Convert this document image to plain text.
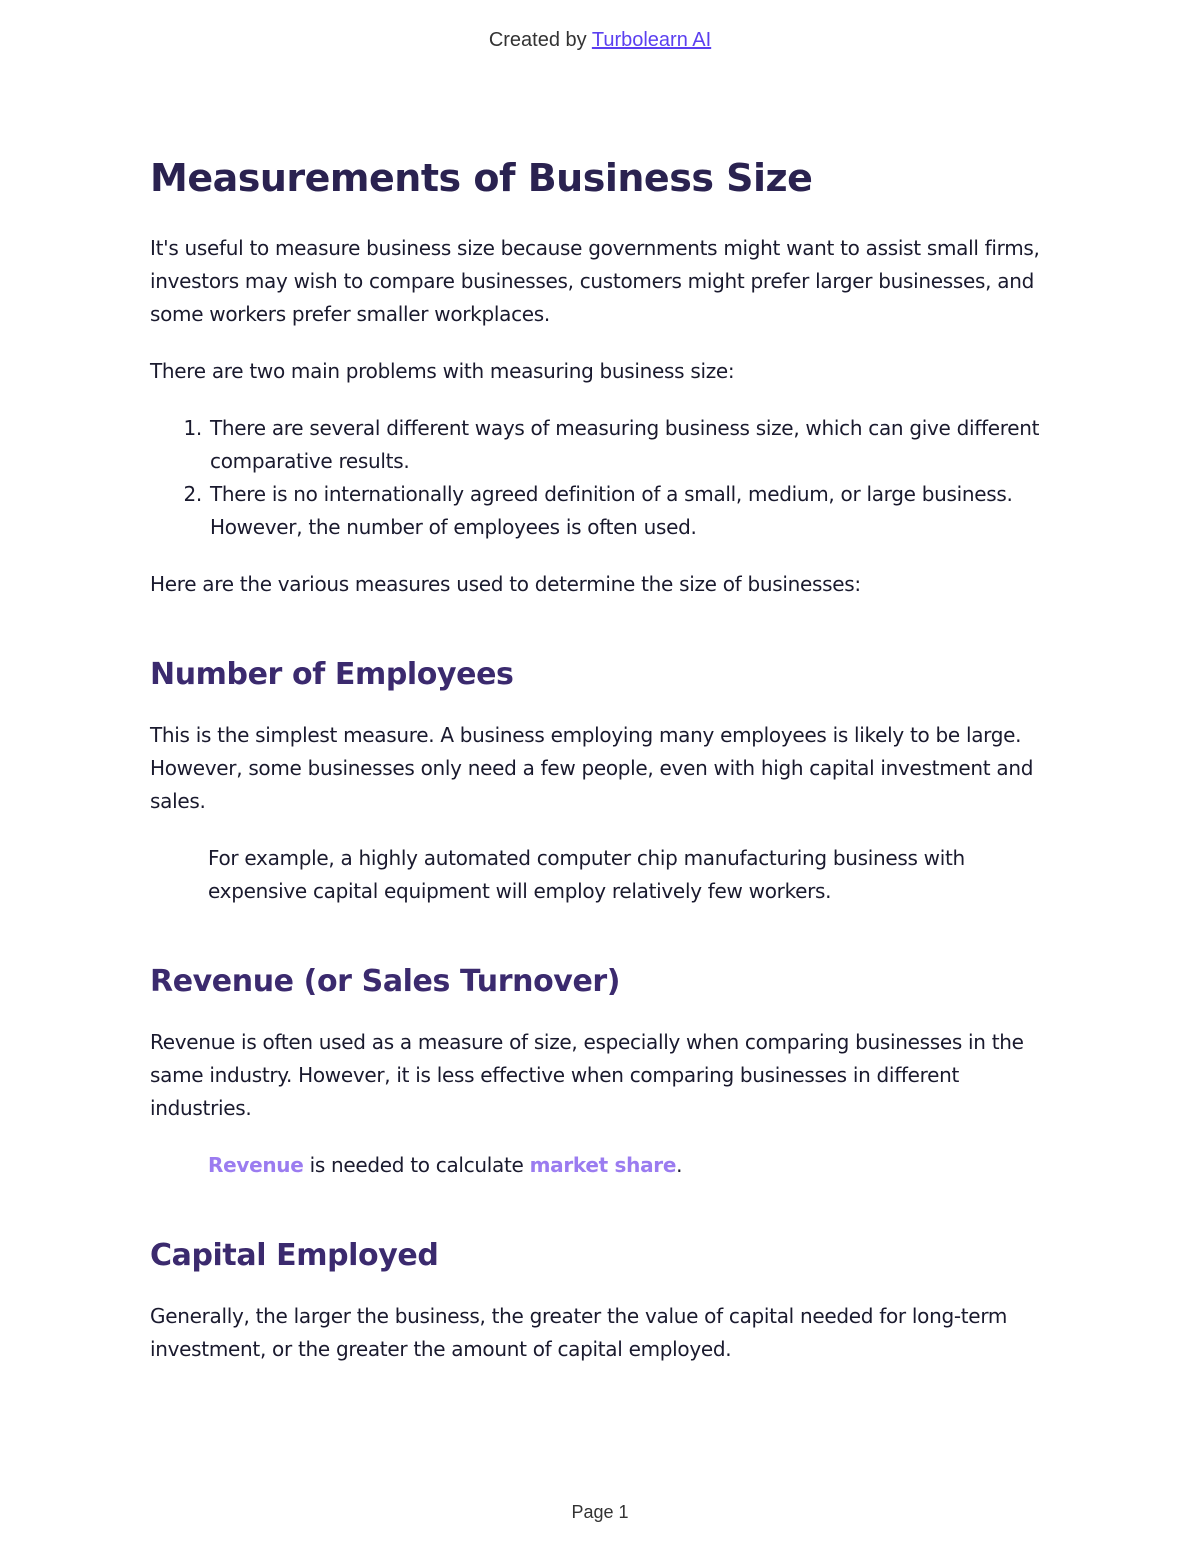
Created by Turbolearn AI
Measurements of Business Size

It's useful to measure business size because governments might want to assist small firms, investors may wish to compare businesses, customers might prefer larger businesses, and some workers prefer smaller workplaces.

There are two main problems with measuring business size:

1. There are several different ways of measuring business size, which can give different comparative results.
2. There is no internationally agreed definition of a small, medium, or large business. However, the number of employees is often used.

Here are the various measures used to determine the size of businesses:

Number of Employees

This is the simplest measure. A business employing many employees is likely to be large. However, some businesses only need a few people, even with high capital investment and sales.

For example, a highly automated computer chip manufacturing business with expensive capital equipment will employ relatively few workers.

Revenue (or Sales Turnover)

Revenue is often used as a measure of size, especially when comparing businesses in the same industry. However, it is less effective when comparing businesses in different industries.

Revenue is needed to calculate market share.

Capital Employed

Generally, the larger the business, the greater the value of capital needed for long-term investment, or the greater the amount of capital employed.

Page 1
